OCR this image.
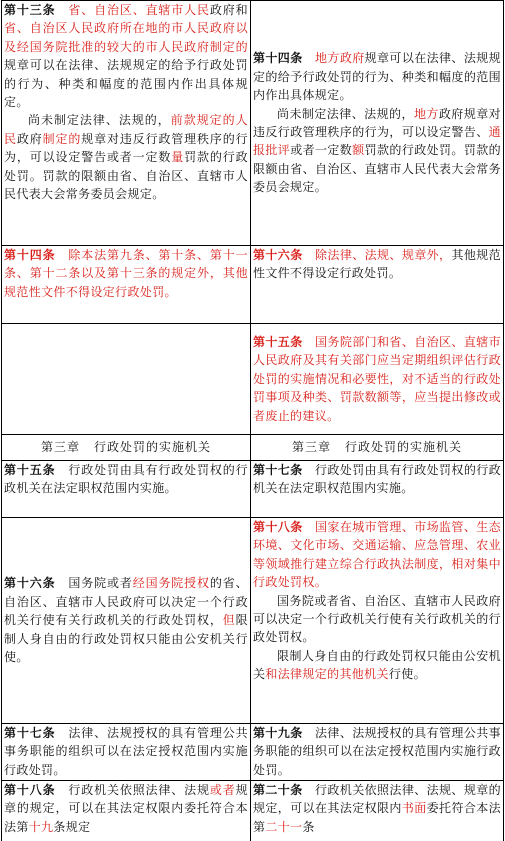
第十三条　 省、自治区、直辖市人民政府和省、自治区人民政府所在地的市人民政府以及经国务院批准的较大的市人民政府制定的规章可以在法律、法规规定的给予行政处罚的行为、种类和幅度的范围内作出具体规定。

尚未制定法律、法规的，前款规定的人民政府制定的规章对违反行政管理秩序的行为，可以设定警告或者一定数量罚款的行政处罚。罚款的限额由省、自治区、直辖市人民代表大会常务委员会规定。

第十四条　 地方政府规章可以在法律、法规规定的给予行政处罚的行为、种类和幅度的范围内作出具体规定。

尚未制定法律、法规的，地方政府规章对违反行政管理秩序的行为，可以设定警告、通报批评或者一定数额罚款的行政处罚。罚款的限额由省、自治区、直辖市人民代表大会常务委员会规定。

第十四条　 除本法第九条、第十条、第十一条、第十二条以及第十三条的规定外，其他规范性文件不得设定行政处罚。

第十六条　 除法律、法规、规章外，其他规范性文件不得设定行政处罚。

第十五条　 国务院部门和省、自治区、直辖市人民政府及其有关部门应当定期组织评估行政处罚的实施情况和必要性，对不适当的行政处罚事项及种类、罚款数额等，应当提出修改或者废止的建议。

第三章 行政处罚的实施机关	第三章 行政处罚的实施机关

第十五条　行政处罚由具有行政处罚权的行政机关在法定职权范围内实施。

第十七条　行政处罚由具有行政处罚权的行政机关在法定职权范围内实施。

第十六条　国务院或者经国务院授权的省、自治区、直辖市人民政府可以决定一个行政机关行使有关行政机关的行政处罚权，但限制人身自由的行政处罚权只能由公安机关行使。

第十八条　 国家在城市管理、市场监管、生态环境、文化市场、交通运输、应急管理、农业等领域推行建立综合行政执法制度，相对集中行政处罚权。

国务院或者省、自治区、直辖市人民政府可以决定一个行政机关行使有关行政机关的行政处罚权。

限制人身自由的行政处罚权只能由公安机关和法律规定的其他机关行使。

第十七条　法律、法规授权的具有管理公共事务职能的组织可以在法定授权范围内实施行政处罚。

第十九条　法律、法规授权的具有管理公共事务职能的组织可以在法定授权范围内实施行政处罚。

第十八条　行政机关依照法律、法规或者规章的规定，可以在其法定权限内委托符合本法第十九条规定

第二十条　行政机关依照法律、法规、规章的规定，可以在其法定权限内书面委托符合本法第二十一条
